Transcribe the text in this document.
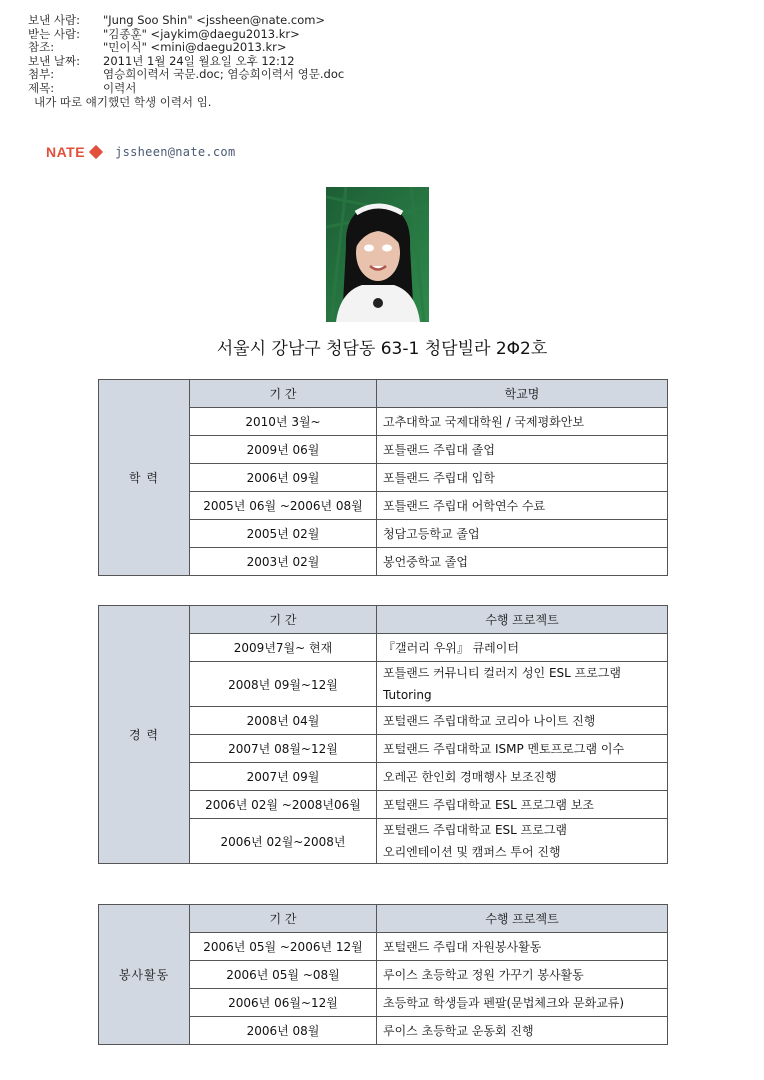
보낸 사람:	"Jung Soo Shin" <jssheen@nate.com>
받는 사람:	"김종훈" <jaykim@daegu2013.kr>
참조:	"민이식" <mini@daegu2013.kr>
보낸 날짜:	2011년 1월 24일 월요일 오후 12:12
첨부:	염승희이력서 국문.doc; 염승희이력서 영문.doc
제목:	이력서
내가 따로 얘기했던 학생 이력서 임.
NATE	jssheen@nate.com
서울시 강남구 청담동 63-1 청담빌라 2Φ2호
학 력	기 간	학교명
	2010년 3월~	고추대학교 국제대학원 / 국제평화안보
	2009년 06월	포틀랜드 주립대 졸업
	2006년 09월	포틀랜드 주립대 입학
	2005년 06월 ~2006년 08월	포틀랜드 주립대 어학연수 수료
	2005년 02월	청담고등학교 졸업
	2003년 02월	봉언중학교 졸업
경 력	기 간	수행 프로젝트
	2009년7월~ 현재	『갤러리 우위』 큐레이터
	2008년 09월~12월	포틀랜드 커뮤니티 컬러지 성인 ESL 프로그램
Tutoring

	2008년 04월	포털랜드 주립대학교 코리아 나이트 진행
	2007년 08월~12월	포털랜드 주립대학교 ISMP 멘토프로그램 이수
	2007년 09월	오레곤 한인회 경매행사 보조진행
	2006년 02월 ~2008년06월	포털랜드 주립대학교 ESL 프로그램 보조
	2006년 02월~2008년	포털랜드 주립대학교 ESL 프로그램
오리엔테이션 및 캠퍼스 투어 진행
봉사활동	기 간	수행 프로젝트
	2006년 05월 ~2006년 12월	포털랜드 주립대 자원봉사활동
	2006년 05월 ~08월	루이스 초등학교 정원 가꾸기 봉사활동
	2006년 06월~12월	초등학교 학생들과 펜팔(문법체크와 문화교류)
	2006년 08월	루이스 초등학교 운동회 진행
